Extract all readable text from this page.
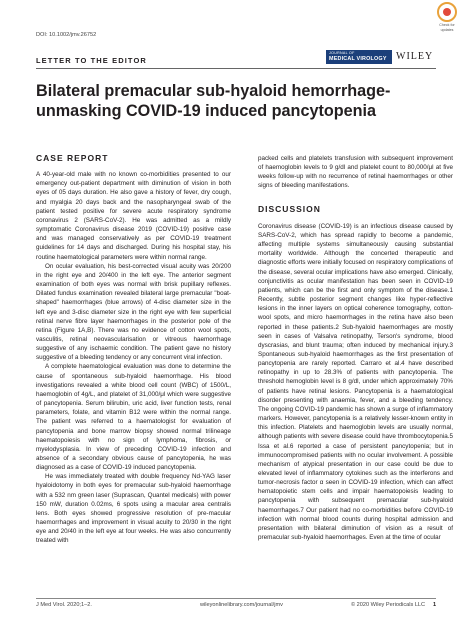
DOI: 10.1002/jmv.26752
Check for
updates
LETTER TO THE EDITOR
JOURNAL OF
MEDICAL VIROLOGY WILEY
Bilateral premacular sub-hyaloid hemorrhage-unmasking COVID-19 induced pancytopenia
CASE REPORT

A 40-year-old male with no known co-morbidities presented to our emergency out-patient department with diminution of vision in both eyes of 05 days duration. He also gave a history of fever, dry cough, and myalgia 20 days back and the nasopharyngeal swab of the patient tested positive for severe acute respiratory syndrome coronavirus 2 (SARS-CoV-2). He was admitted as a mildly symptomatic Coronavirus disease 2019 (COVID-19) positive case and was managed conservatively as per COVID-19 treatment guidelines for 14 days and discharged. During his hospital stay, his routine haematological parameters were within normal range.

On ocular evaluation, his best-corrected visual acuity was 20/200 in the right eye and 20/400 in the left eye. The anterior segment examination of both eyes was normal with brisk pupillary reflexes. Dilated fundus examination revealed bilateral large premacular "boat-shaped" haemorrhages (blue arrows) of 4-disc diameter size in the left eye and 3-disc diameter size in the right eye with few superficial retinal nerve fibre layer haemorrhages in the posterior pole of the retina (Figure 1A,B). There was no evidence of cotton wool spots, vasculitis, retinal neovascularisation or vitreous haemorrhage suggestive of any ischaemic condition. The patient gave no history suggestive of a bleeding tendency or any concurrent viral infection.

A complete haematological evaluation was done to determine the cause of spontaneous sub-hyaloid haemorrhage. His blood investigations revealed a white blood cell count (WBC) of 1500/L, haemoglobin of 4g/L, and platelet of 31,000/μl which were suggestive of pancytopenia. Serum bilirubin, uric acid, liver function tests, renal parameters, folate, and vitamin B12 were within the normal range. The patient was referred to a haematologist for evaluation of pancytopenia and bone marrow biopsy showed normal trilineage haematopoiesis with no sign of lymphoma, fibrosis, or myelodysplasia. In view of preceding COVID-19 infection and absence of a secondary obvious cause of pancytopenia, he was diagnosed as a case of COVID-19 induced pancytopenia.

He was immediately treated with double frequency Nd-YAG laser hyaloidotomy in both eyes for premacular sub-hyaloid haemorrhage with a 532 nm green laser (Suprascan, Quantel medicals) with power 150 mW, duration 0.02ms, 6 spots using a macular area centralis lens. Both eyes showed progressive resolution of pre-macular haemorrhages and improvement in visual acuity to 20/30 in the right eye and 20/40 in the left eye at four weeks. He was also concurrently treated with

packed cells and platelets transfusion with subsequent improvement of haemoglobin levels to 9 g/dl and platelet count to 80,000/μl at five weeks follow-up with no recurrence of retinal haemorrhages or other signs of bleeding manifestations.

DISCUSSION

Coronavirus disease (COVID-19) is an infectious disease caused by SARS-CoV-2, which has spread rapidly to become a pandemic, affecting multiple systems simultaneously causing substantial mortality worldwide. Although the concerted therapeutic and diagnostic efforts were initially focused on respiratory complications of the disease, several ocular implications have also emerged. Clinically, conjunctivitis as ocular manifestation has been seen in COVID-19 patients, which can be the first and only symptom of the disease.1 Recently, subtle posterior segment changes like hyper-reflective lesions in the inner layers on optical coherence tomography, cotton-wool spots, and micro haemorrhages in the retina have also been reported in these patients.2 Sub-hyaloid haemorrhages are mostly seen in cases of Valsalva retinopathy, Terson's syndrome, blood dyscrasias, and blunt trauma; often induced by mechanical injury.3 Spontaneous sub-hyaloid haemorrhages as the first presentation of pancytopenia are rarely reported. Carraro et al.4 have described retinopathy in up to 28.3% of patients with pancytopenia. The threshold hemoglobin level is 8 g/dl, under which approximately 70% of patients have retinal lesions. Pancytopenia is a haematological disorder presenting with anaemia, fever, and a bleeding tendency. The ongoing COVID-19 pandemic has shown a surge of inflammatory markers. However, pancytopenia is a relatively lesser-known entity in this infection. Platelets and haemoglobin levels are usually normal, although patients with severe disease could have thrombocytopenia.5 Issa et al.6 reported a case of persistent pancytopenia; but in immunocompromised patients with no ocular involvement. A possible mechanism of atypical presentation in our case could be due to elevated level of inflammatory cytokines such as the interferons and tumor-necrosis factor α seen in COVID-19 infection, which can affect hematopoietic stem cells and impair haematopoiesis leading to pancytopenia with subsequent premacular sub-hyaloid haemorrhages.7 Our patient had no co-morbidities before COVID-19 infection with normal blood counts during hospital admission and presentation with bilateral diminution of vision as a result of premacular sub-hyaloid haemorrhages. Even at the time of ocular

J Med Virol. 2020;1–2.	wileyonlinelibrary.com/journal/jmv	© 2020 Wiley Periodicals LLC 1
